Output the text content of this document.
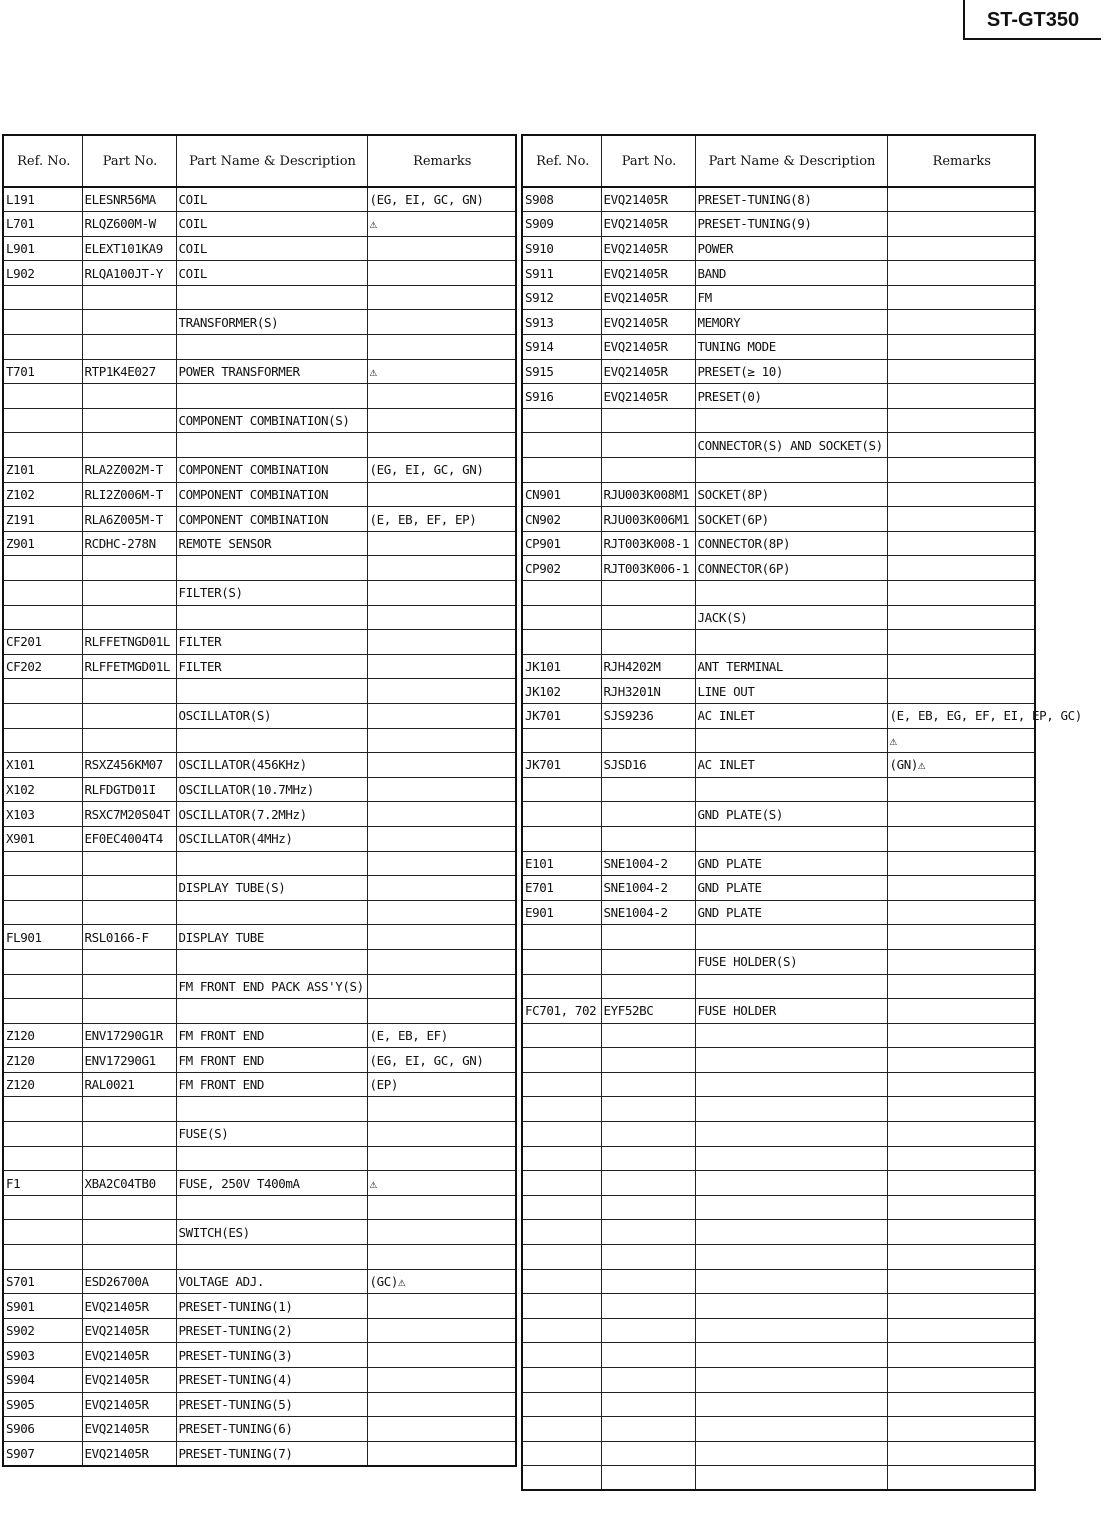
ST-GT350
Ref. No.	Part No.	Part Name & Description	Remarks
L191	ELESNR56MA	COIL	(EG, EI, GC, GN)
L701	RLQZ600M-W	COIL	⚠
L901	ELEXT101KA9	COIL	
L902	RLQA100JT-Y	COIL	

		TRANSFORMER(S)	

T701	RTP1K4E027	POWER TRANSFORMER	⚠

		COMPONENT COMBINATION(S)	

Z101	RLA2Z002M-T	COMPONENT COMBINATION	(EG, EI, GC, GN)
Z102	RLI2Z006M-T	COMPONENT COMBINATION	
Z191	RLA6Z005M-T	COMPONENT COMBINATION	(E, EB, EF, EP)
Z901	RCDHC-278N	REMOTE SENSOR	

		FILTER(S)	

CF201	RLFFETNGD01L	FILTER	
CF202	RLFFETMGD01L	FILTER	

		OSCILLATOR(S)	

X101	RSXZ456KM07	OSCILLATOR(456KHz)	
X102	RLFDGTD01I	OSCILLATOR(10.7MHz)	
X103	RSXC7M20S04T	OSCILLATOR(7.2MHz)	
X901	EF0EC4004T4	OSCILLATOR(4MHz)	

		DISPLAY TUBE(S)	

FL901	RSL0166-F	DISPLAY TUBE	

		FM FRONT END PACK ASS'Y(S)	

Z120	ENV17290G1R	FM FRONT END	(E, EB, EF)
Z120	ENV17290G1	FM FRONT END	(EG, EI, GC, GN)
Z120	RAL0021	FM FRONT END	(EP)

		FUSE(S)	

F1	XBA2C04TB0	FUSE, 250V T400mA	⚠

		SWITCH(ES)	

S701	ESD26700A	VOLTAGE ADJ.	(GC)⚠
S901	EVQ21405R	PRESET-TUNING(1)	
S902	EVQ21405R	PRESET-TUNING(2)	
S903	EVQ21405R	PRESET-TUNING(3)	
S904	EVQ21405R	PRESET-TUNING(4)	
S905	EVQ21405R	PRESET-TUNING(5)	
S906	EVQ21405R	PRESET-TUNING(6)	
S907	EVQ21405R	PRESET-TUNING(7)	
Ref. No.	Part No.	Part Name & Description	Remarks
S908	EVQ21405R	PRESET-TUNING(8)	
S909	EVQ21405R	PRESET-TUNING(9)	
S910	EVQ21405R	POWER	
S911	EVQ21405R	BAND	
S912	EVQ21405R	FM	
S913	EVQ21405R	MEMORY	
S914	EVQ21405R	TUNING MODE	
S915	EVQ21405R	PRESET(≥ 10)	
S916	EVQ21405R	PRESET(0)	

		CONNECTOR(S) AND SOCKET(S)	

CN901	RJU003K008M1	SOCKET(8P)	
CN902	RJU003K006M1	SOCKET(6P)	
CP901	RJT003K008-1	CONNECTOR(8P)	
CP902	RJT003K006-1	CONNECTOR(6P)	

		JACK(S)	

JK101	RJH4202M	ANT TERMINAL	
JK102	RJH3201N	LINE OUT	
JK701	SJS9236	AC INLET	(E, EB, EG, EF, EI, EP, GC)
			⚠
JK701	SJSD16	AC INLET	(GN)⚠

		GND PLATE(S)	

E101	SNE1004-2	GND PLATE	
E701	SNE1004-2	GND PLATE	
E901	SNE1004-2	GND PLATE	

		FUSE HOLDER(S)	

FC701, 702	EYF52BC	FUSE HOLDER	
